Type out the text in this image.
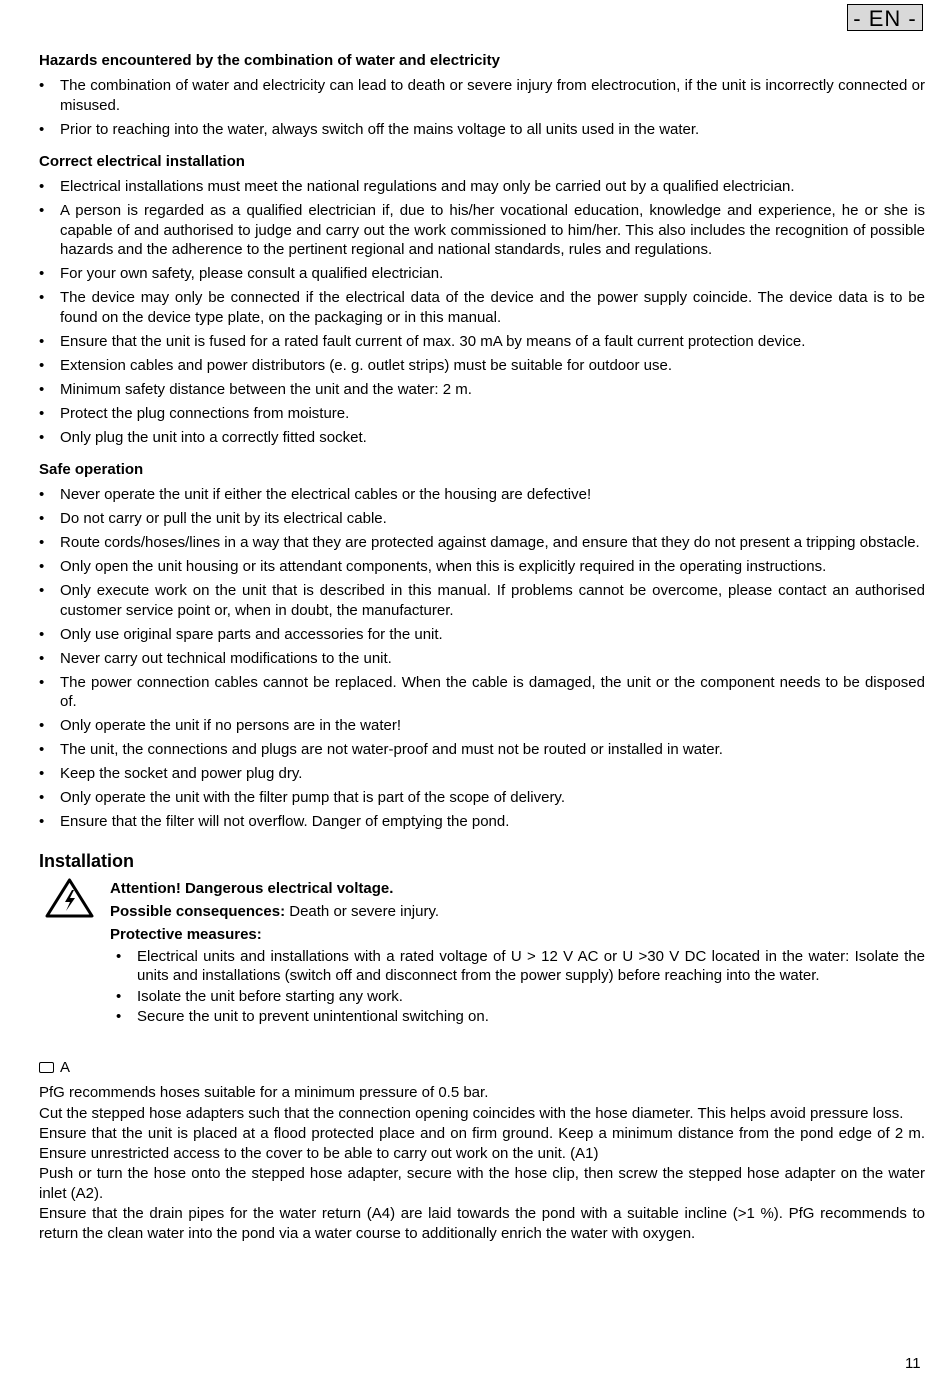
- EN -
Hazards encountered by the combination of water and electricity
• The combination of water and electricity can lead to death or severe injury from electrocution, if the unit is incorrectly connected or misused.
• Prior to reaching into the water, always switch off the mains voltage to all units used in the water.
Correct electrical installation
• Electrical installations must meet the national regulations and may only be carried out by a qualified electrician.
• A person is regarded as a qualified electrician if, due to his/her vocational education, knowledge and experience, he or she is capable of and authorised to judge and carry out the work commissioned to him/her. This also includes the recognition of possible hazards and the adherence to the pertinent regional and national standards, rules and regulations.
• For your own safety, please consult a qualified electrician.
• The device may only be connected if the electrical data of the device and the power supply coincide. The device data is to be found on the device type plate, on the packaging or in this manual.
• Ensure that the unit is fused for a rated fault current of max. 30 mA by means of a fault current protection device.
• Extension cables and power distributors (e. g. outlet strips) must be suitable for outdoor use.
• Minimum safety distance between the unit and the water: 2 m.
• Protect the plug connections from moisture.
• Only plug the unit into a correctly fitted socket.
Safe operation
• Never operate the unit if either the electrical cables or the housing are defective!
• Do not carry or pull the unit by its electrical cable.
• Route cords/hoses/lines in a way that they are protected against damage, and ensure that they do not present a tripping obstacle.
• Only open the unit housing or its attendant components, when this is explicitly required in the operating instructions.
• Only execute work on the unit that is described in this manual. If problems cannot be overcome, please contact an authorised customer service point or, when in doubt, the manufacturer.
• Only use original spare parts and accessories for the unit.
• Never carry out technical modifications to the unit.
• The power connection cables cannot be replaced. When the cable is damaged, the unit or the component needs to be disposed of.
• Only operate the unit if no persons are in the water!
• The unit, the connections and plugs are not water-proof and must not be routed or installed in water.
• Keep the socket and power plug dry.
• Only operate the unit with the filter pump that is part of the scope of delivery.
• Ensure that the filter will not overflow. Danger of emptying the pond.
Installation

Attention! Dangerous electrical voltage.

Possible consequences: Death or severe injury.

Protective measures:

• Electrical units and installations with a rated voltage of U > 12 V AC or U >30 V DC located in the water: Isolate the units and installations (switch off and disconnect from the power supply) before reaching into the water.
• Isolate the unit before starting any work.
• Secure the unit to prevent unintentional switching on.
A

PfG recommends hoses suitable for a minimum pressure of 0.5 bar.

Cut the stepped hose adapters such that the connection opening coincides with the hose diameter. This helps avoid pressure loss.

Ensure that the unit is placed at a flood protected place and on firm ground. Keep a minimum distance from the pond edge of 2 m. Ensure unrestricted access to the cover to be able to carry out work on the unit. (A1)

Push or turn the hose onto the stepped hose adapter, secure with the hose clip, then screw the stepped hose adapter on the water inlet (A2).

Ensure that the drain pipes for the water return (A4) are laid towards the pond with a suitable incline (>1 %). PfG recommends to return the clean water into the pond via a water course to additionally enrich the water with oxygen.

11
